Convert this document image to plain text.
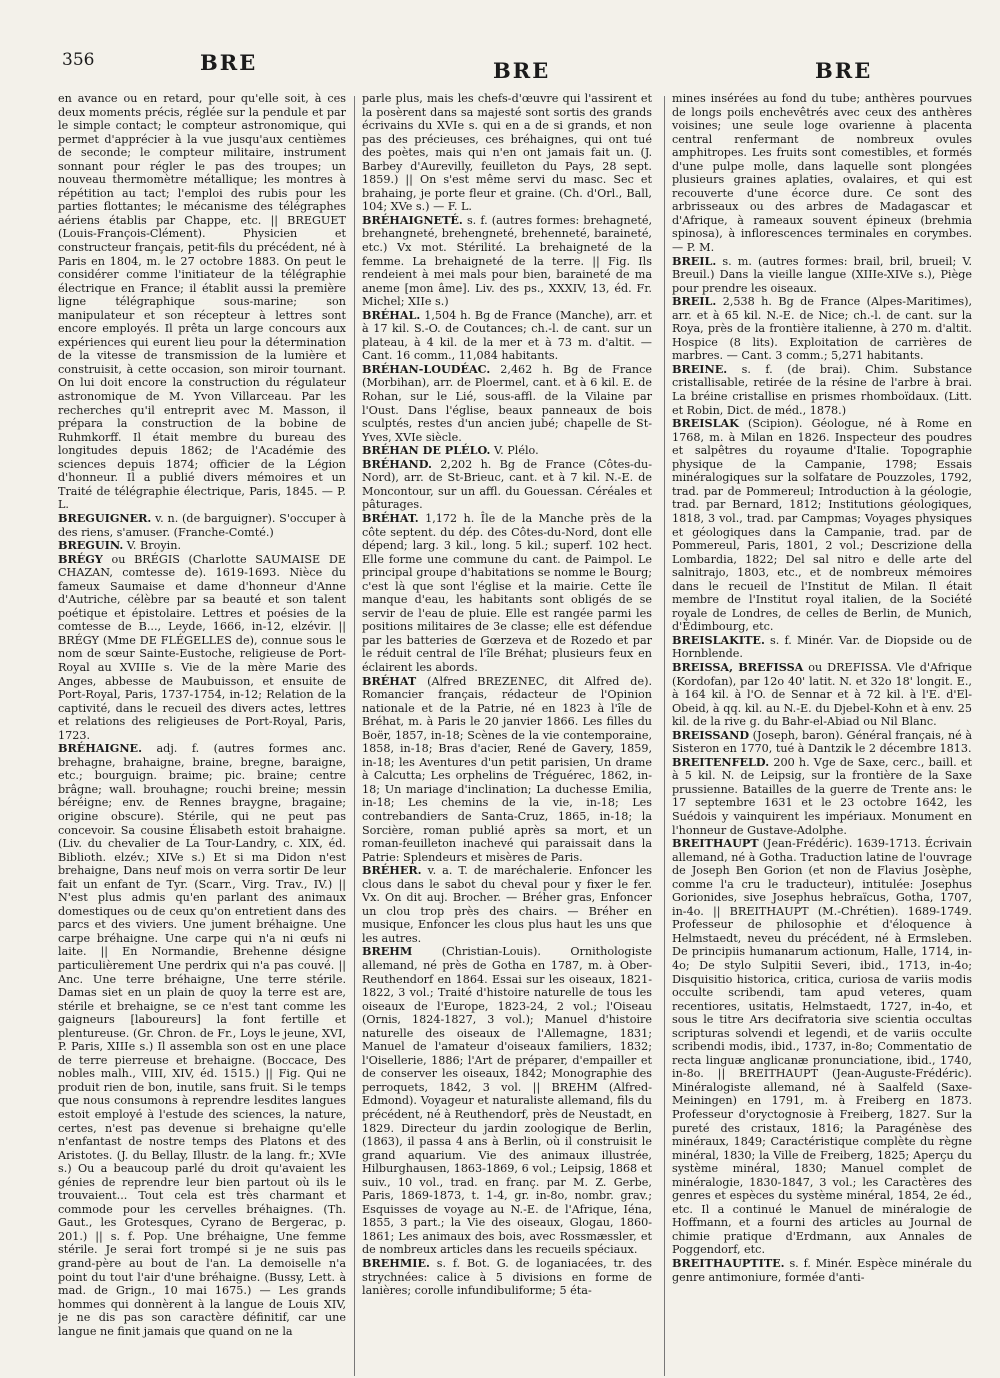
356	BRE	BRE	BRE

en avance ou en retard, pour qu'elle soit, à ces deux moments précis, réglée sur la pendule et par le simple contact; le compteur astronomique, qui permet d'apprécier à la vue jusqu'aux centièmes de seconde; le compteur militaire, instrument sonnant pour régler le pas des troupes; un nouveau thermomètre métallique; les montres à répétition au tact; l'emploi des rubis pour les parties flottantes; le mécanisme des télégraphes aériens établis par Chappe, etc. || BREGUET (Louis-François-Clément). Physicien et constructeur français, petit-fils du précédent, né à Paris en 1804, m. le 27 octobre 1883. On peut le considérer comme l'initiateur de la télégraphie électrique en France; il établit aussi la première ligne télégraphique sous-marine; son manipulateur et son récepteur à lettres sont encore employés. Il prêta un large concours aux expériences qui eurent lieu pour la détermination de la vitesse de transmission de la lumière et construisit, à cette occasion, son miroir tournant. On lui doit encore la construction du régulateur astronomique de M. Yvon Villarceau. Par les recherches qu'il entreprit avec M. Masson, il prépara la construction de la bobine de Ruhmkorff. Il était membre du bureau des longitudes depuis 1862; de l'Académie des sciences depuis 1874; officier de la Légion d'honneur. Il a publié divers mémoires et un Traité de télégraphie électrique, Paris, 1845. — P. L.

BREGUIGNER. v. n. (de barguigner). S'occuper à des riens, s'amuser. (Franche-Comté.)

BREGUIN. V. Broyin.

BRÉGY ou BRÉGIS (Charlotte SAUMAISE DE CHAZAN, comtesse de). 1619-1693. Nièce du fameux Saumaise et dame d'honneur d'Anne d'Autriche, célèbre par sa beauté et son talent poétique et épistolaire. Lettres et poésies de la comtesse de B..., Leyde, 1666, in-12, elzévir. || BRÉGY (Mme DE FLÉGELLES de), connue sous le nom de sœur Sainte-Eustoche, religieuse de Port-Royal au XVIIIe s. Vie de la mère Marie des Anges, abbesse de Maubuisson, et ensuite de Port-Royal, Paris, 1737-1754, in-12; Relation de la captivité, dans le recueil des divers actes, lettres et relations des religieuses de Port-Royal, Paris, 1723.

BRÉHAIGNE. adj. f. (autres formes anc. brehagne, brahaigne, braine, bregne, baraigne, etc.; bourguign. braime; pic. braine; centre brâgne; wall. brouhagne; rouchi breine; messin béréigne; env. de Rennes braygne, bragaine; origine obscure). Stérile, qui ne peut pas concevoir. Sa cousine Élisabeth estoit brahaigne. (Liv. du chevalier de La Tour-Landry, c. XIX, éd. Biblioth. elzév.; XIVe s.) Et si ma Didon n'est brehaigne, Dans neuf mois on verra sortir De leur fait un enfant de Tyr. (Scarr., Virg. Trav., IV.) || N'est plus admis qu'en parlant des animaux domestiques ou de ceux qu'on entretient dans des parcs et des viviers. Une jument bréhaigne. Une carpe bréhaigne. Une carpe qui n'a ni œufs ni laite. || En Normandie, Brehenne désigne particulièrement Une perdrix qui n'a pas couvé. || Anc. Une terre bréhaigne, Une terre stérile. Damas siet en un plain de quoy la terre est are, stérile et brehaigne, se ce n'est tant comme les gaigneurs [laboureurs] la font fertille et plentureuse. (Gr. Chron. de Fr., Loys le jeune, XVI, P. Paris, XIIIe s.) Il assembla son ost en une place de terre pierreuse et brehaigne. (Boccace, Des nobles malh., VIII, XIV, éd. 1515.) || Fig. Qui ne produit rien de bon, inutile, sans fruit. Si le temps que nous consumons à reprendre lesdites langues estoit employé à l'estude des sciences, la nature, certes, n'est pas devenue si brehaigne qu'elle n'enfantast de nostre temps des Platons et des Aristotes. (J. du Bellay, Illustr. de la lang. fr.; XVIe s.) Ou a beaucoup parlé du droit qu'avaient les génies de reprendre leur bien partout où ils le trouvaient... Tout cela est très charmant et commode pour les cervelles bréhaignes. (Th. Gaut., les Grotesques, Cyrano de Bergerac, p. 201.) || s. f. Pop. Une bréhaigne, Une femme stérile. Je serai fort trompé si je ne suis pas grand-père au bout de l'an. La demoiselle n'a point du tout l'air d'une bréhaigne. (Bussy, Lett. à mad. de Grign., 10 mai 1675.) — Les grands hommes qui donnèrent à la langue de Louis XIV, je ne dis pas son caractère définitif, car une langue ne finit jamais que quand on ne la

parle plus, mais les chefs-d'œuvre qui l'assirent et la posèrent dans sa majesté sont sortis des grands écrivains du XVIe s. qui en a de si grands, et non pas des précieuses, ces bréhaignes, qui ont tué des poètes, mais qui n'en ont jamais fait un. (J. Barbey d'Aurevilly, feuilleton du Pays, 28 sept. 1859.) || On s'est même servi du masc. Sec et brahaing, je porte fleur et graine. (Ch. d'Orl., Ball, 104; XVe s.) — F. L.

BRÉHAIGNETÉ. s. f. (autres formes: brehagneté, brehangneté, brehengneté, brehenneté, baraineté, etc.) Vx mot. Stérilité. La brehaigneté de la femme. La brehaigneté de la terre. || Fig. Ils rendeient à mei mals pour bien, baraineté de ma aneme [mon âme]. Liv. des ps., XXXIV, 13, éd. Fr. Michel; XIIe s.)

BRÉHAL. 1,504 h. Bg de France (Manche), arr. et à 17 kil. S.-O. de Coutances; ch.-l. de cant. sur un plateau, à 4 kil. de la mer et à 73 m. d'altit. — Cant. 16 comm., 11,084 habitants.

BRÉHAN-LOUDÉAC. 2,462 h. Bg de France (Morbihan), arr. de Ploermel, cant. et à 6 kil. E. de Rohan, sur le Lié, sous-affl. de la Vilaine par l'Oust. Dans l'église, beaux panneaux de bois sculptés, restes d'un ancien jubé; chapelle de St-Yves, XVIe siècle.

BRÉHAN DE PLÉLO. V. Plélo.

BRÉHAND. 2,202 h. Bg de France (Côtes-du-Nord), arr. de St-Brieuc, cant. et à 7 kil. N.-E. de Moncontour, sur un affl. du Gouessan. Céréales et pâturages.

BRÉHAT. 1,172 h. Île de la Manche près de la côte septent. du dép. des Côtes-du-Nord, dont elle dépend; larg. 3 kil., long. 5 kil.; superf. 102 hect. Elle forme une commune du cant. de Paimpol. Le principal groupe d'habitations se nomme le Bourg; c'est là que sont l'église et la mairie. Cette île manque d'eau, les habitants sont obligés de se servir de l'eau de pluie. Elle est rangée parmi les positions militaires de 3e classe; elle est défendue par les batteries de Gœrzeva et de Rozedo et par le réduit central de l'île Bréhat; plusieurs feux en éclairent les abords.

BRÉHAT (Alfred BREZENEC, dit Alfred de). Romancier français, rédacteur de l'Opinion nationale et de la Patrie, né en 1823 à l'île de Bréhat, m. à Paris le 20 janvier 1866. Les filles du Boër, 1857, in-18; Scènes de la vie contemporaine, 1858, in-18; Bras d'acier, René de Gavery, 1859, in-18; les Aventures d'un petit parisien, Un drame à Calcutta; Les orphelins de Tréguérec, 1862, in-18; Un mariage d'inclination; La duchesse Emilia, in-18; Les chemins de la vie, in-18; Les contrebandiers de Santa-Cruz, 1865, in-18; la Sorcière, roman publié après sa mort, et un roman-feuilleton inachevé qui paraissait dans la Patrie: Splendeurs et misères de Paris.

BRÉHER. v. a. T. de maréchalerie. Enfoncer les clous dans le sabot du cheval pour y fixer le fer. Vx. On dit auj. Brocher. — Bréher gras, Enfoncer un clou trop près des chairs. — Bréher en musique, Enfoncer les clous plus haut les uns que les autres.

BREHM	(Christian-Louis). Ornithologiste allemand, né près de Gotha en 1787, m. à Ober-Reuthendorf en 1864. Essai sur les oiseaux, 1821-1822, 3 vol.; Traité d'histoire naturelle de tous les oiseaux de l'Europe, 1823-24, 2 vol.; l'Oiseau (Ornis, 1824-1827, 3 vol.); Manuel d'histoire naturelle des oiseaux de l'Allemagne, 1831; Manuel de l'amateur d'oiseaux familiers, 1832; l'Oisellerie, 1886; l'Art de préparer, d'empailler et de conserver les oiseaux, 1842; Monographie des perroquets, 1842, 3 vol. || BREHM (Alfred-Edmond). Voyageur et naturaliste allemand, fils du précédent, né à Reuthendorf, près de Neustadt, en 1829. Directeur du jardin zoologique de Berlin, (1863), il passa 4 ans à Berlin, où il construisit le grand aquarium. Vie des animaux illustrée, Hilburghausen, 1863-1869, 6 vol.; Leipsig, 1868 et suiv., 10 vol., trad. en franç. par M. Z. Gerbe, Paris, 1869-1873, t. 1-4, gr. in-8o, nombr. grav.; Esquisses de voyage au N.-E. de l'Afrique, Iéna, 1855, 3 part.; la Vie des oiseaux, Glogau, 1860-1861; Les animaux des bois, avec Rossmæssler, et de nombreux articles dans les recueils spéciaux.

BREHMIE. s. f. Bot. G. de loganiacées, tr. des strychnées: calice à 5 divisions en forme de lanières; corolle infundibuliforme; 5 éta-

mines insérées au fond du tube; anthères pourvues de longs poils enchevêtrés avec ceux des anthères voisines; une seule loge ovarienne à placenta central renfermant de nombreux ovules amphitropes. Les fruits sont comestibles, et formés d'une pulpe molle, dans laquelle sont plongées plusieurs graines aplaties, ovalaires, et qui est recouverte d'une écorce dure. Ce sont des arbrisseaux ou des arbres de Madagascar et d'Afrique, à rameaux souvent épineux (brehmia spinosa), à inflorescences terminales en corymbes. — P. M.

BREIL. s. m. (autres formes: brail, bril, brueil; V. Breuil.) Dans la vieille langue (XIIIe-XIVe s.), Piège pour prendre les oiseaux.

BREIL. 2,538 h. Bg de France (Alpes-Maritimes), arr. et à 65 kil. N.-E. de Nice; ch.-l. de cant. sur la Roya, près de la frontière italienne, à 270 m. d'altit. Hospice (8 lits). Exploitation de carrières de marbres. — Cant. 3 comm.; 5,271 habitants.

BREINE. s. f. (de brai). Chim. Substance cristallisable, retirée de la résine de l'arbre à brai. La bréine cristallise en prismes rhomboïdaux. (Litt. et Robin, Dict. de méd., 1878.)

BREISLAK (Scipion). Géologue, né à Rome en 1768, m. à Milan en 1826. Inspecteur des poudres et salpêtres du royaume d'Italie. Topographie physique de la Campanie, 1798; Essais minéralogiques sur la solfatare de Pouzzoles, 1792, trad. par de Pommereul; Introduction à la géologie, trad. par Bernard, 1812; Institutions géologiques, 1818, 3 vol., trad. par Campmas; Voyages physiques et géologiques dans la Campanie, trad. par de Pommereul, Paris, 1801, 2 vol.; Descrizione della Lombardia, 1822; Del sal nitro e delle arte del salnitrajo, 1803, etc., et de nombreux mémoires dans le recueil de l'Institut de Milan. Il était membre de l'Institut royal italien, de la Société royale de Londres, de celles de Berlin, de Munich, d'Édimbourg, etc.

BREISLAKITE. s. f. Minér. Var. de Diopside ou de Hornblende.

BREISSA, BREFISSA ou DREFISSA. Vle d'Afrique (Kordofan), par 12o 40' latit. N. et 32o 18' longit. E., à 164 kil. à l'O. de Sennar et à 72 kil. à l'E. d'El-Obeid, à qq. kil. au N.-E. du Djebel-Kohn et à env. 25 kil. de la rive g. du Bahr-el-Abiad ou Nil Blanc.

BREISSAND (Joseph, baron). Général français, né à Sisteron en 1770, tué à Dantzik le 2 décembre 1813.

BREITENFELD. 200 h. Vge de Saxe, cerc., baill. et à 5 kil. N. de Leipsig, sur la frontière de la Saxe prussienne. Batailles de la guerre de Trente ans: le 17 septembre 1631 et le 23 octobre 1642, les Suédois y vainquirent les impériaux. Monument en l'honneur de Gustave-Adolphe.

BREITHAUPT (Jean-Frédéric). 1639-1713. Écrivain allemand, né à Gotha. Traduction latine de l'ouvrage de Joseph Ben Gorion (et non de Flavius Josèphe, comme l'a cru le traducteur), intitulée: Josephus Gorionides, sive Josephus hebraïcus, Gotha, 1707, in-4o. || BREITHAUPT (M.-Chrétien). 1689-1749. Professeur de philosophie et d'éloquence à Helmstaedt, neveu du précédent, né à Ermsleben. De principiis humanarum actionum, Halle, 1714, in-4o; De stylo Sulpitii Severi, ibid., 1713, in-4o; Disquisitio historica, critica, curiosa de variis modis occulte scribendi, tam apud veteres, quam recentiores, usitatis, Helmstaedt, 1727, in-4o, et sous le titre Ars decifratoria sive scientia occultas scripturas solvendi et legendi, et de variis occulte scribendi modis, ibid., 1737, in-8o; Commentatio de recta linguæ anglicanæ pronunciatione, ibid., 1740, in-8o. || BREITHAUPT (Jean-Auguste-Frédéric). Minéralogiste allemand, né à Saalfeld (Saxe-Meiningen) en 1791, m. à Freiberg en 1873. Professeur d'oryctognosie à Freiberg, 1827. Sur la pureté des cristaux, 1816; la Paragénèse des minéraux, 1849; Caractéristique complète du règne minéral, 1830; la Ville de Freiberg, 1825; Aperçu du système minéral, 1830; Manuel complet de minéralogie, 1830-1847, 3 vol.; les Caractères des genres et espèces du système minéral, 1854, 2e éd., etc. Il a continué le Manuel de minéralogie de Hoffmann, et a fourni des articles au Journal de chimie pratique d'Erdmann, aux Annales de Poggendorf, etc.

BREITHAUPTITE. s. f. Minér. Espèce minérale du genre antimoniure, formée d'anti-
